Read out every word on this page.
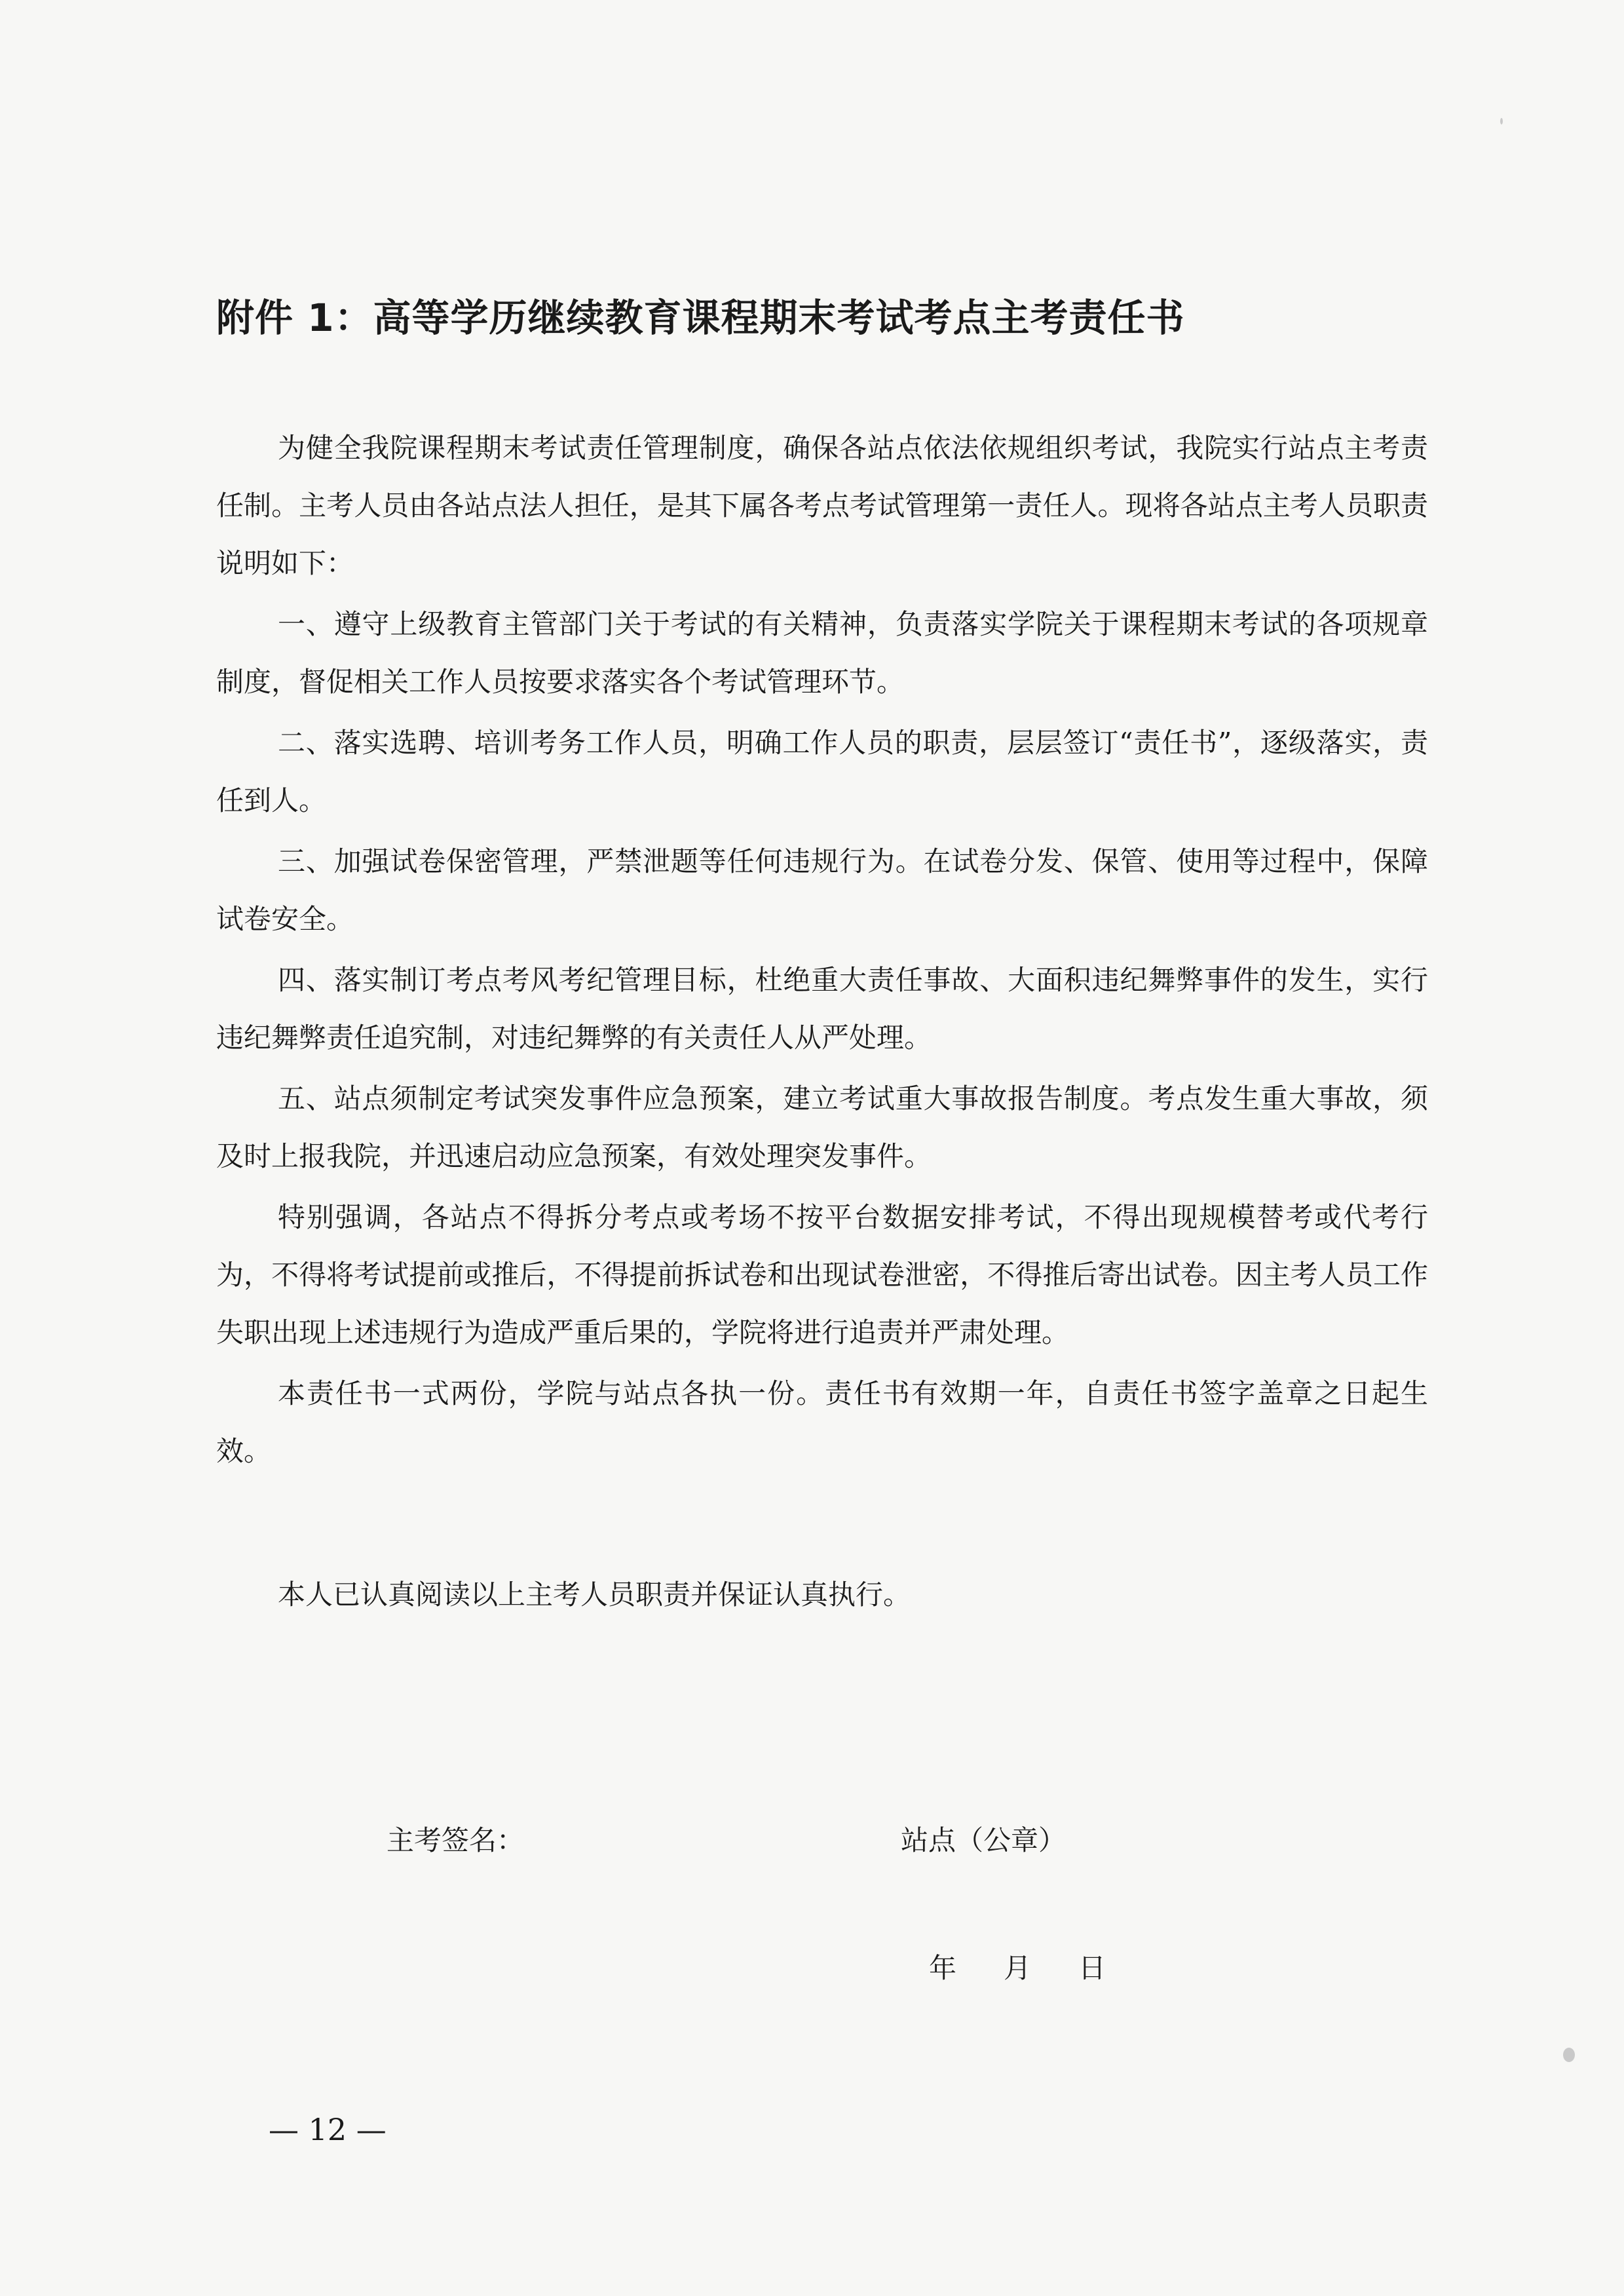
附件 1：高等学历继续教育课程期末考试考点主考责任书

为健全我院课程期末考试责任管理制度，确保各站点依法依规组织考试，我院实行站点主考责任制。主考人员由各站点法人担任，是其下属各考点考试管理第一责任人。现将各站点主考人员职责说明如下：

一、遵守上级教育主管部门关于考试的有关精神，负责落实学院关于课程期末考试的各项规章制度，督促相关工作人员按要求落实各个考试管理环节。

二、落实选聘、培训考务工作人员，明确工作人员的职责，层层签订“责任书”，逐级落实，责任到人。

三、加强试卷保密管理，严禁泄题等任何违规行为。在试卷分发、保管、使用等过程中，保障试卷安全。

四、落实制订考点考风考纪管理目标，杜绝重大责任事故、大面积违纪舞弊事件的发生，实行违纪舞弊责任追究制，对违纪舞弊的有关责任人从严处理。

五、站点须制定考试突发事件应急预案，建立考试重大事故报告制度。考点发生重大事故，须及时上报我院，并迅速启动应急预案，有效处理突发事件。

特别强调，各站点不得拆分考点或考场不按平台数据安排考试，不得出现规模替考或代考行为，不得将考试提前或推后，不得提前拆试卷和出现试卷泄密，不得推后寄出试卷。因主考人员工作失职出现上述违规行为造成严重后果的，学院将进行追责并严肃处理。

本责任书一式两份，学院与站点各执一份。责任书有效期一年，自责任书签字盖章之日起生效。

本人已认真阅读以上主考人员职责并保证认真执行。

主考签名：	站点（公章）

年 月 日
— 12 —
